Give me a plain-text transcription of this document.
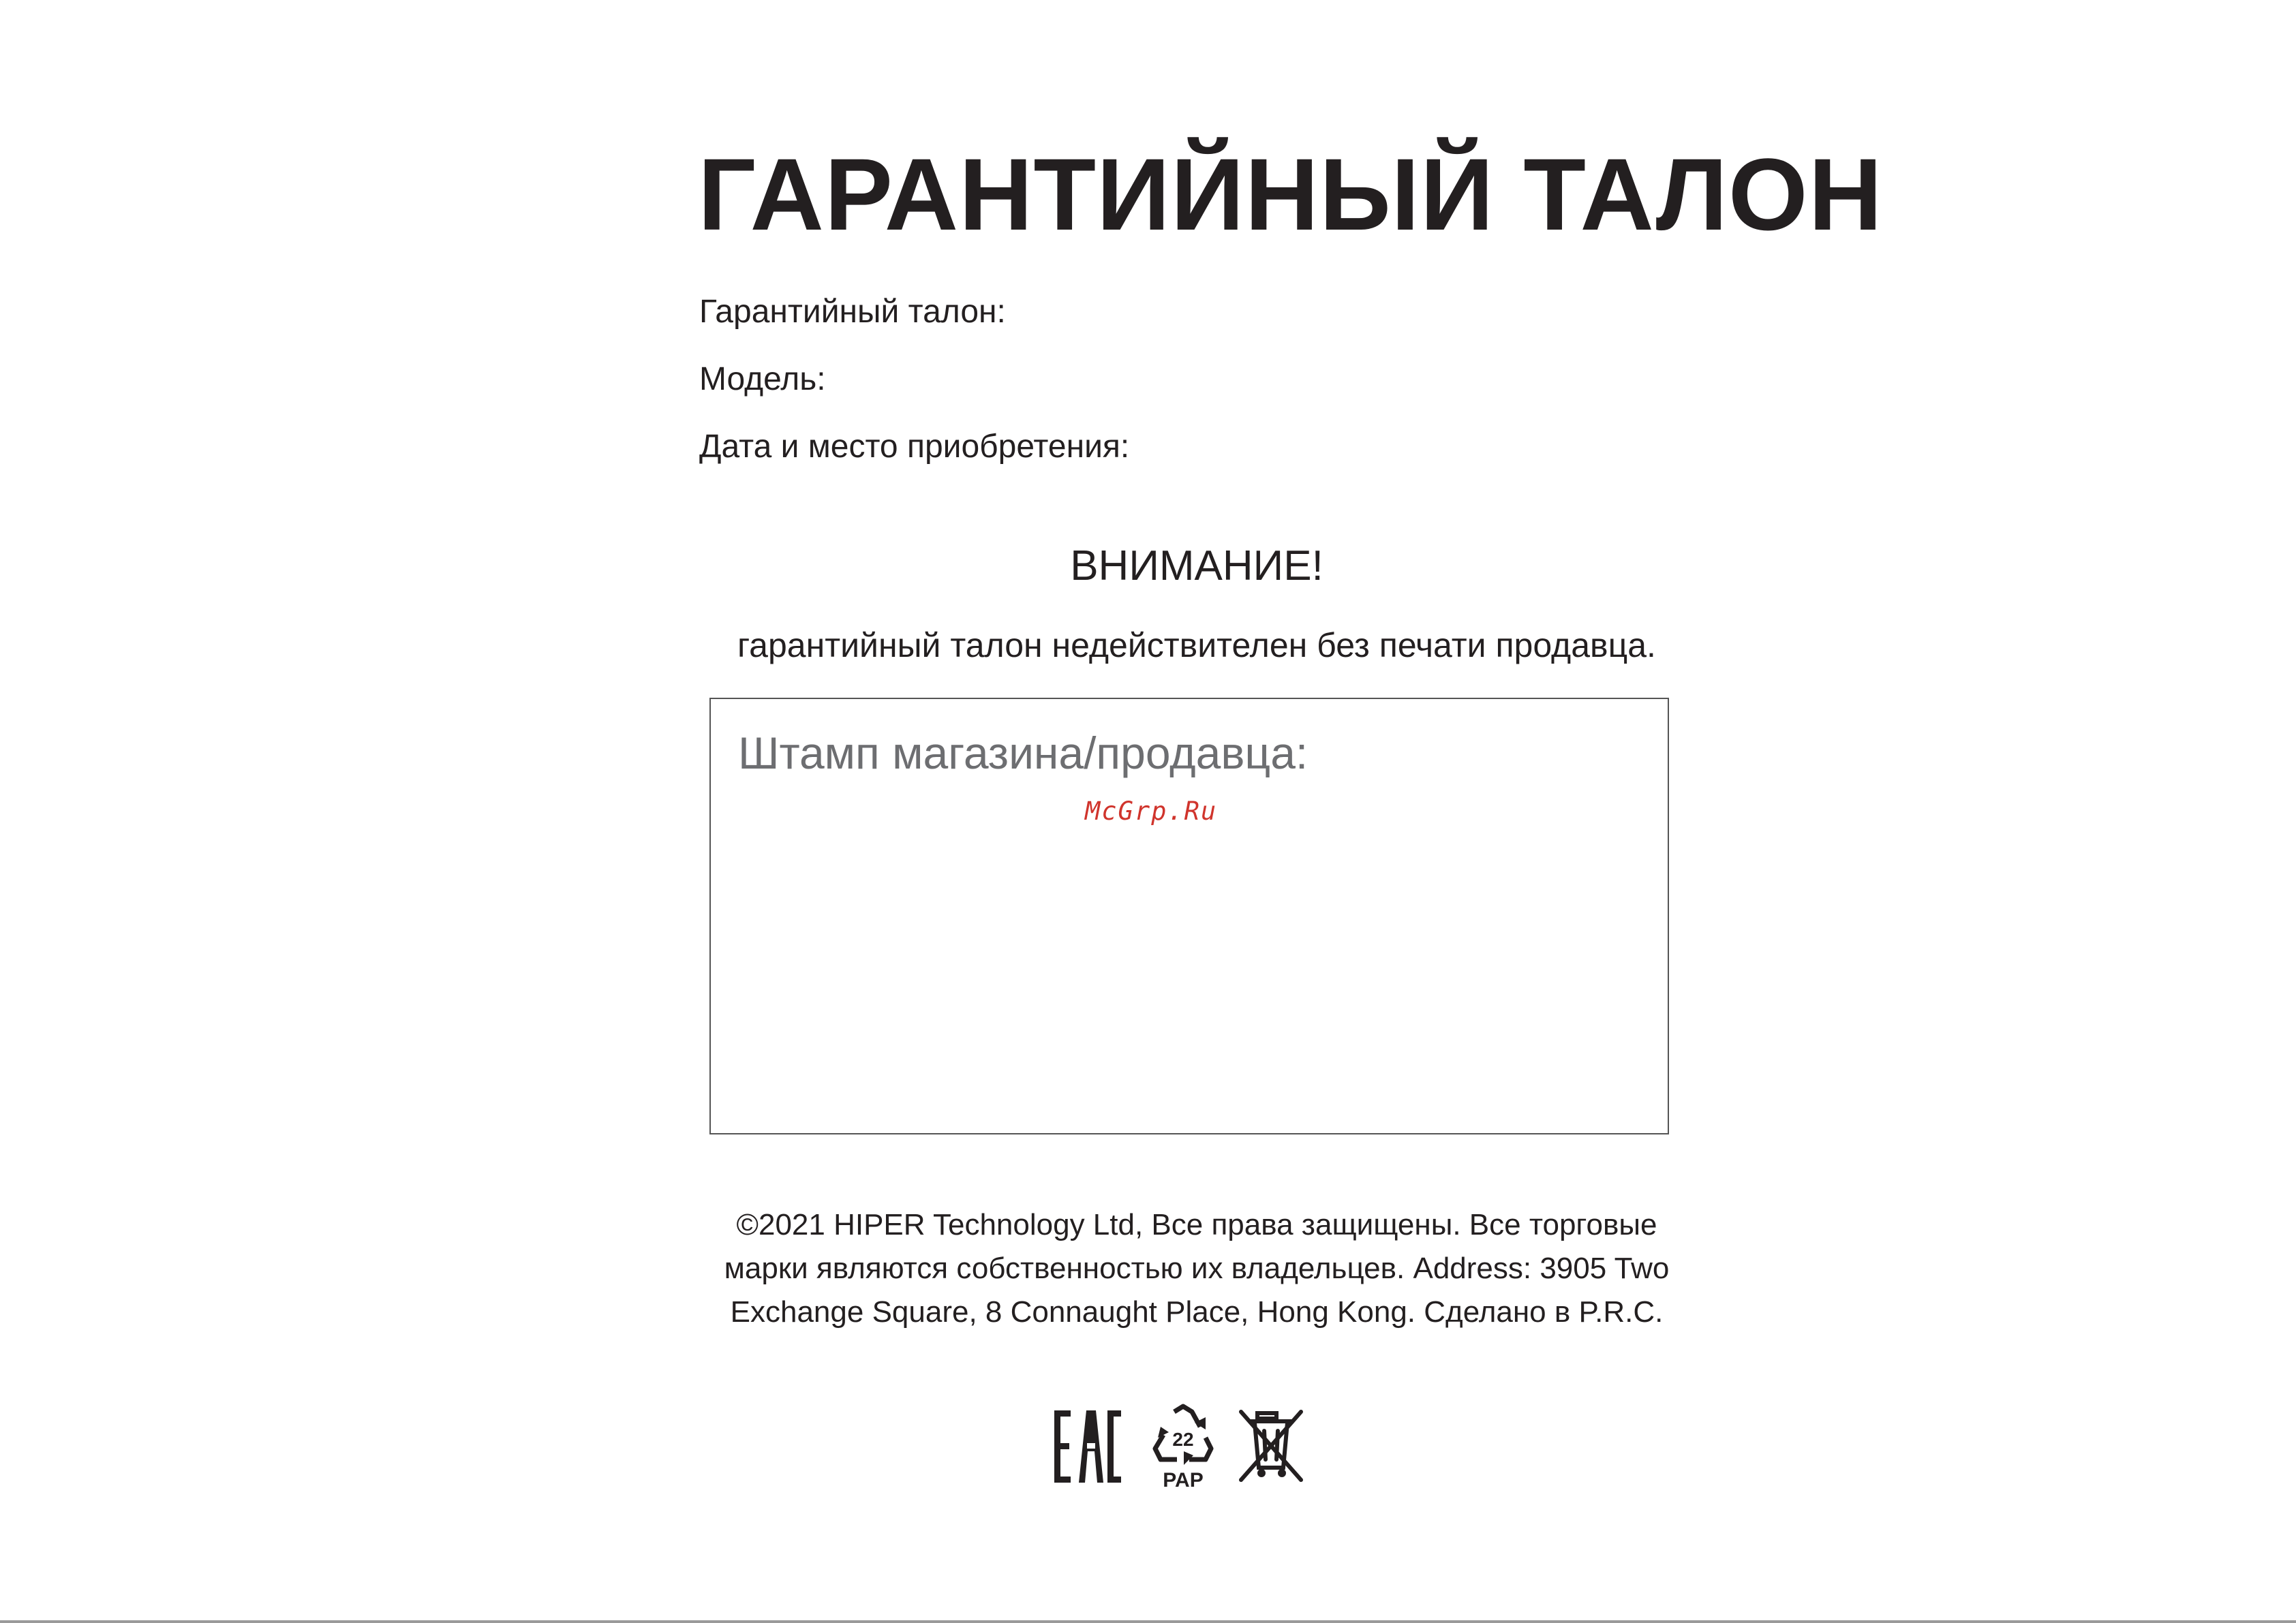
ГАРАНТИЙНЫЙ ТАЛОН
Гарантийный талон:
Модель:
Дата и место приобретения:
ВНИМАНИЕ!
гарантийный талон недействителен без печати продавца.
Штамп магазина/продавца:
McGrp.Ru
©2021 HIPER Technology Ltd, Все права защищены. Все торговые
марки являются собственностью их владельцев. Address: 3905 Two
Exchange Square, 8 Connaught Place, Hong Kong. Сделано в P.R.C.
22
PAP
